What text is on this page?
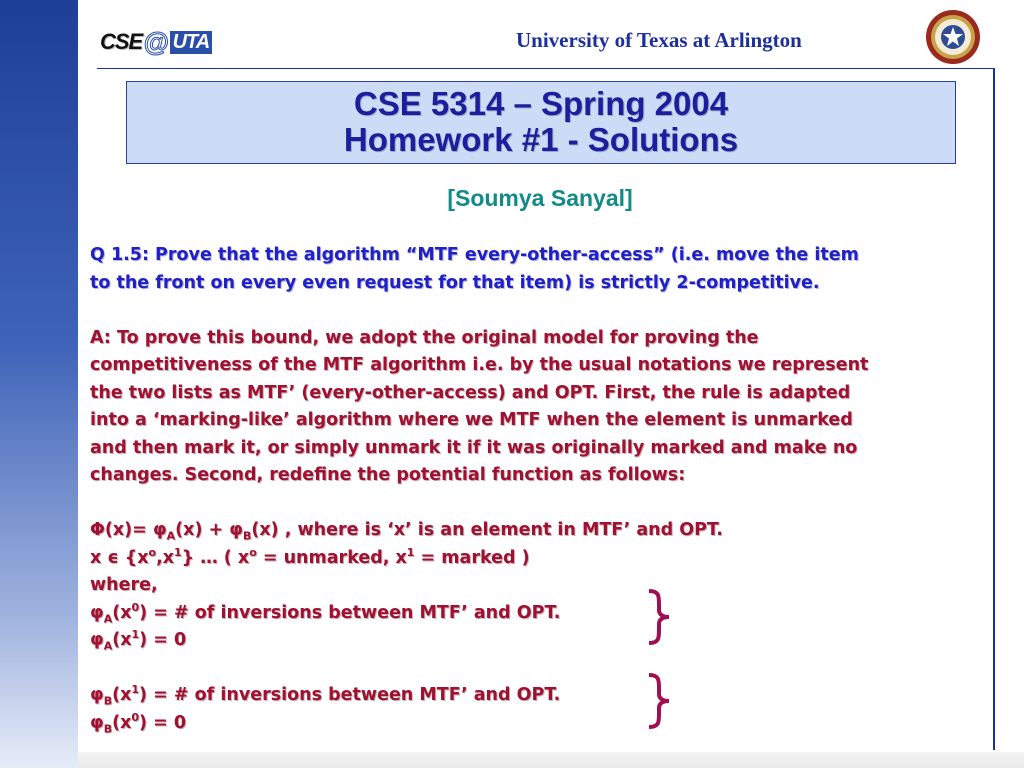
CSE @ UTA	University of Texas at Arlington
CSE 5314 – Spring 2004
Homework #1 - Solutions
[Soumya Sanyal]
Q 1.5: Prove that the algorithm “MTF every-other-access” (i.e. move the item
to the front on every even request for that item) is strictly 2-competitive.
A: To prove this bound, we adopt the original model for proving the
competitiveness of the MTF algorithm i.e. by the usual notations we represent
the two lists as MTF’ (every-other-access) and OPT. First, the rule is adapted
into a ‘marking-like’ algorithm where we MTF when the element is unmarked
and then mark it, or simply unmark it if it was originally marked and make no
changes. Second, redefine the potential function as follows:
$\Phi(x)= \varphi_A(x) + \varphi_B(x)$ , where is ‘x’ is an element in MTF’ and OPT.
x ϵ $\{x^o,x^1\}$ … ( $x^o$ = unmarked, $x^1$ = marked )
where,
$\varphi_A(x^0)$ = # of inversions between MTF’ and OPT.
$\varphi_A(x^1) = 0$
$\varphi_B(x^1)$ = # of inversions between MTF’ and OPT.
$\varphi_B(x^0) = 0$
